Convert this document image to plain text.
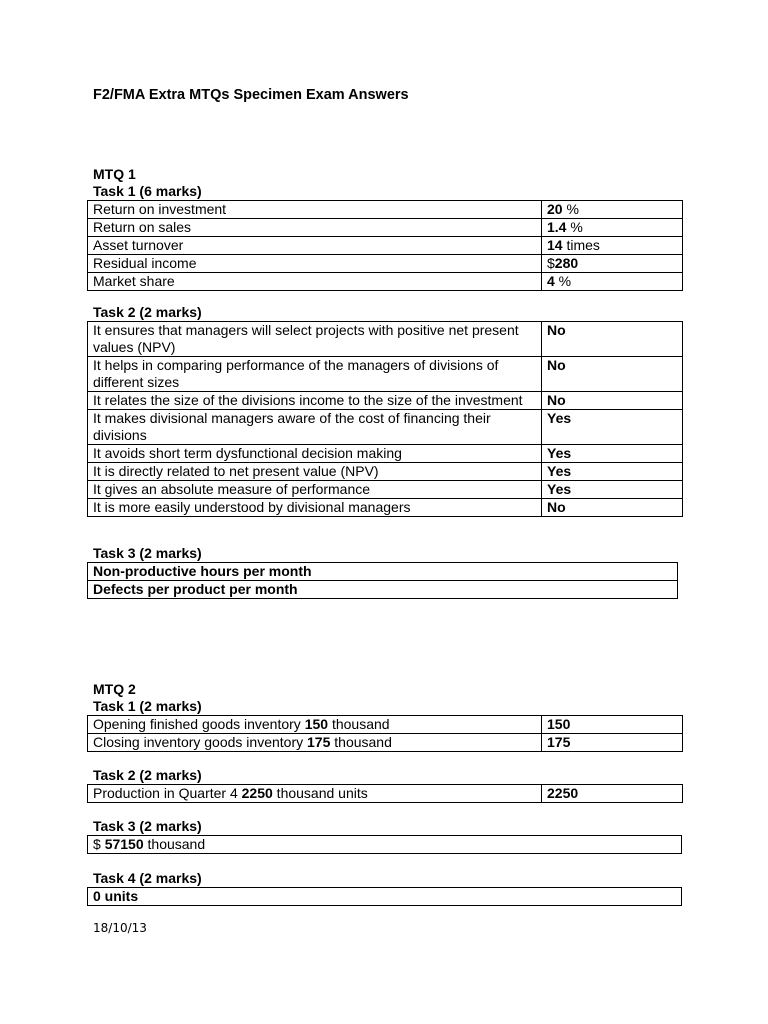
F2/FMA Extra MTQs Specimen Exam Answers
MTQ 1
Task 1 (6 marks)
Return on investment	20 %
Return on sales	1.4 %
Asset turnover	14 times
Residual income	$280
Market share	4 %
Task 2 (2 marks)
It ensures that managers will select projects with positive net present values (NPV)	No
It helps in comparing performance of the managers of divisions of different sizes	No
It relates the size of the divisions income to the size of the investment	No
It makes divisional managers aware of the cost of financing their divisions	Yes
It avoids short term dysfunctional decision making	Yes
It is directly related to net present value (NPV)	Yes
It gives an absolute measure of performance	Yes
It is more easily understood by divisional managers	No
Task 3 (2 marks)
Non-productive hours per month
Defects per product per month
MTQ 2
Task 1 (2 marks)
Opening finished goods inventory 150 thousand	150
Closing inventory goods inventory 175 thousand	175
Task 2 (2 marks)
Production in Quarter 4 2250 thousand units	2250
Task 3 (2 marks)
$ 57150 thousand
Task 4 (2 marks)
0 units
18/10/13
